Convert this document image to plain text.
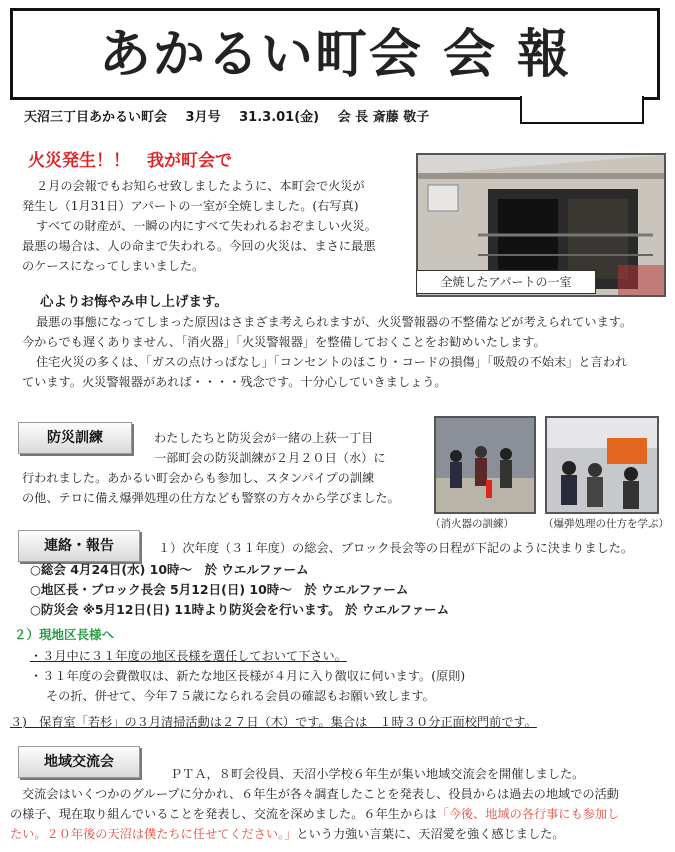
あかるい町会 会 報
天沼三丁目あかるい町会 3月号 31.3.01(金) 会 長 斎藤 敬子
火災発生！！　我が町会で
２月の会報でもお知らせ致しましたように、本町会で火災が
発生し（1月31日）アパートの一室が全焼しました。(右写真)
すべての財産が、一瞬の内にすべて失われるおぞましい火災。
最悪の場合は、人の命まで失われる。今回の火災は、まさに最悪
のケースになってしまいました。
心よりお悔やみ申し上げます。
全焼したアパートの一室
最悪の事態になってしまった原因はさまざま考えられますが、火災警報器の不整備などが考えられています。
今からでも遅くありません、「消火器」「火災警報器」を整備しておくことをお勧めいたします。
住宅火災の多くは、「ガスの点けっぱなし」「コンセントのほこり・コードの損傷」「吸殻の不始末」と言われ
ています。火災警報器があれば・・・・残念です。十分心していきましょう。
防災訓練	わたしたちと防災会が一緒の上荻一丁目
一部町会の防災訓練が２月２０日（水）に
行われました。あかるい町会からも参加し、スタンパイプの訓練
の他、テロに備え爆弾処理の仕方なども警察の方々から学びました。
（消火器の訓練）	（爆弾処理の仕方を学ぶ）
連絡・報告	１）次年度（３１年度）の総会、ブロック長会等の日程が下記のように決まりました。
○総会 4月24日(水) 10時～　於 ウエルファーム
○地区長・ブロック長会 5月12日(日) 10時～　於 ウエルファーム
○防災会 ※5月12日(日) 11時より防災会を行います。 於 ウエルファーム
２）現地区長様へ
・３月中に３１年度の地区長様を選任しておいて下さい。
・３１年度の会費徴収は、新たな地区長様が４月に入り徴収に伺います。(原則)
その折、併せて、今年７５歳になられる会員の確認もお願い致します。
３)　保育室「若杉」の３月清掃活動は２７日（木）です。集合は　１時３０分正面校門前です。
地域交流会
ＰＴＡ，８町会役員、天沼小学校６年生が集い地域交流会を開催しました。
交流会はいくつかのグループに分かれ、６年生が各々調査したことを発表し、役員からは過去の地域での活動
の様子、現在取り組んでいることを発表し、交流を深めました。６年生からは「今後、地域の各行事にも参加し
たい。２０年後の天沼は僕たちに任せてください。」という力強い言葉に、天沼愛を強く感じました。
